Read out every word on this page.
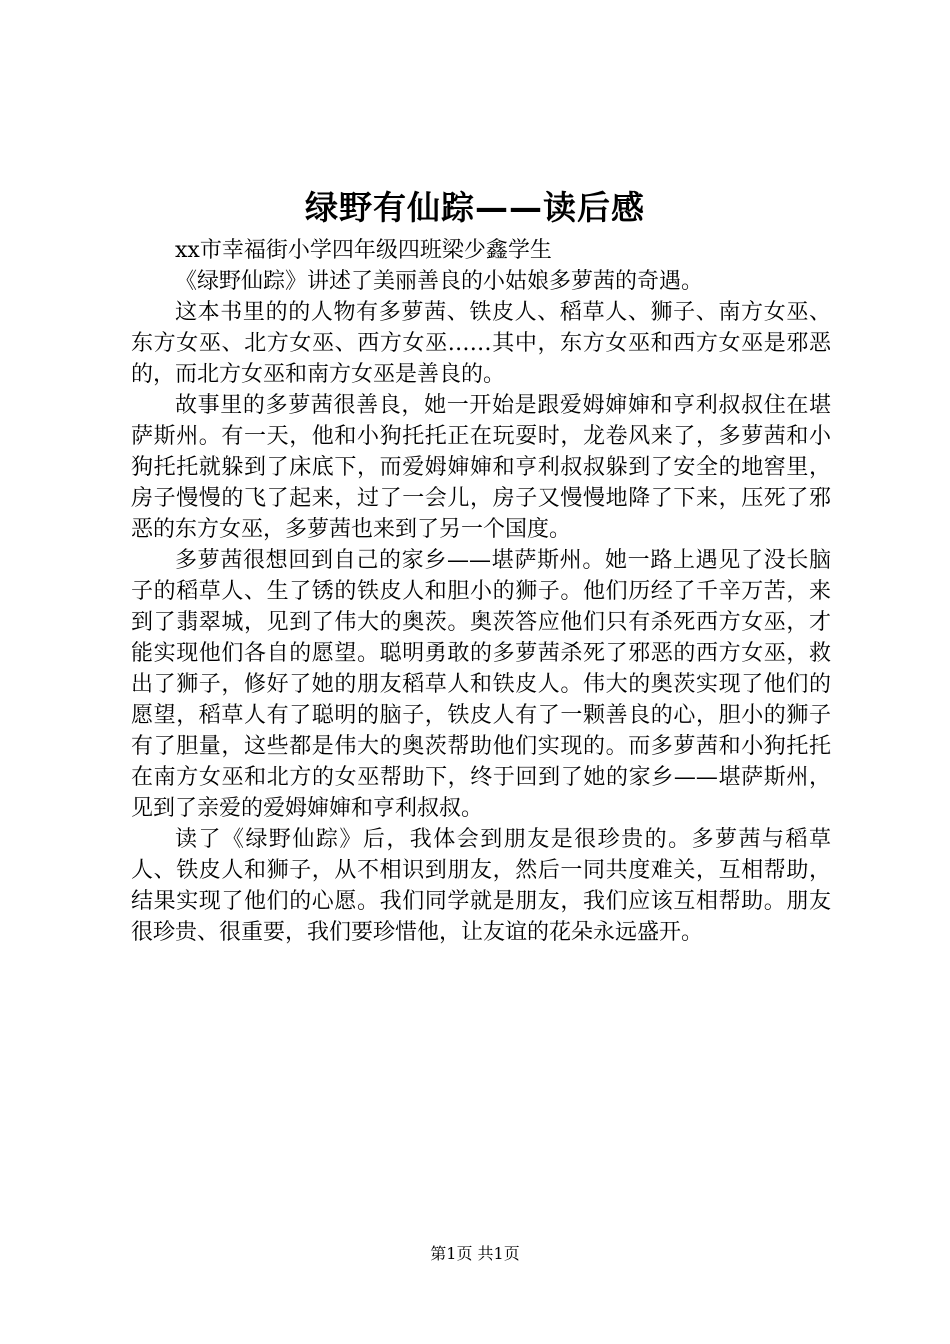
绿野有仙踪——读后感

xx市幸福街小学四年级四班梁少鑫学生

《绿野仙踪》讲述了美丽善良的小姑娘多萝茜的奇遇。

这本书里的的人物有多萝茜、铁皮人、稻草人、狮子、南方女巫、东方女巫、北方女巫、西方女巫……其中，东方女巫和西方女巫是邪恶的，而北方女巫和南方女巫是善良的。

故事里的多萝茜很善良，她一开始是跟爱姆婶婶和亨利叔叔住在堪萨斯州。有一天，他和小狗托托正在玩耍时，龙卷风来了，多萝茜和小狗托托就躲到了床底下，而爱姆婶婶和亨利叔叔躲到了安全的地窖里，房子慢慢的飞了起来，过了一会儿，房子又慢慢地降了下来，压死了邪恶的东方女巫，多萝茜也来到了另一个国度。

多萝茜很想回到自己的家乡——堪萨斯州。她一路上遇见了没长脑子的稻草人、生了锈的铁皮人和胆小的狮子。他们历经了千辛万苦，来到了翡翠城，见到了伟大的奥茨。奥茨答应他们只有杀死西方女巫，才能实现他们各自的愿望。聪明勇敢的多萝茜杀死了邪恶的西方女巫，救出了狮子，修好了她的朋友稻草人和铁皮人。伟大的奥茨实现了他们的愿望，稻草人有了聪明的脑子，铁皮人有了一颗善良的心，胆小的狮子有了胆量，这些都是伟大的奥茨帮助他们实现的。而多萝茜和小狗托托在南方女巫和北方的女巫帮助下，终于回到了她的家乡——堪萨斯州，见到了亲爱的爱姆婶婶和亨利叔叔。

读了《绿野仙踪》后，我体会到朋友是很珍贵的。多萝茜与稻草人、铁皮人和狮子，从不相识到朋友，然后一同共度难关，互相帮助，结果实现了他们的心愿。我们同学就是朋友，我们应该互相帮助。朋友很珍贵、很重要，我们要珍惜他，让友谊的花朵永远盛开。

第1页 共1页
